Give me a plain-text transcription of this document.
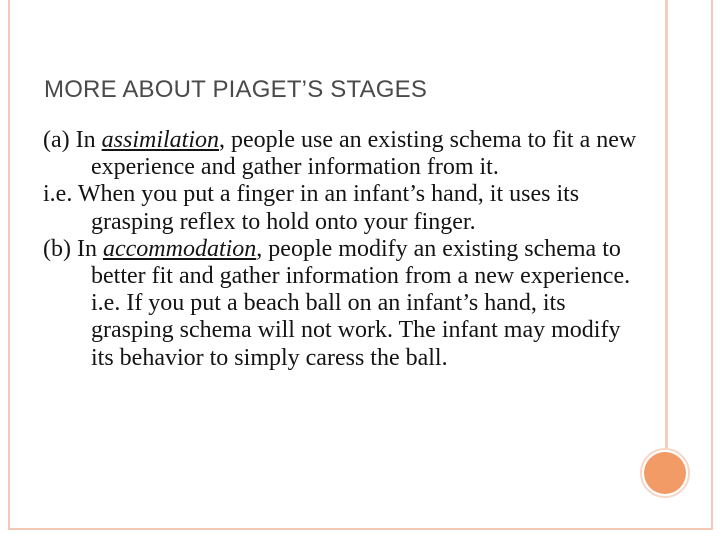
MORE ABOUT PIAGET’S STAGES

(a) In assimilation, people use an existing schema to fit a new experience and gather information from it.

i.e. When you put a finger in an infant’s hand, it uses its grasping reflex to hold onto your finger.

(b) In accommodation, people modify an existing schema to better fit and gather information from a new experience. i.e. If you put a beach ball on an infant’s hand, its grasping schema will not work. The infant may modify its behavior to simply caress the ball.
